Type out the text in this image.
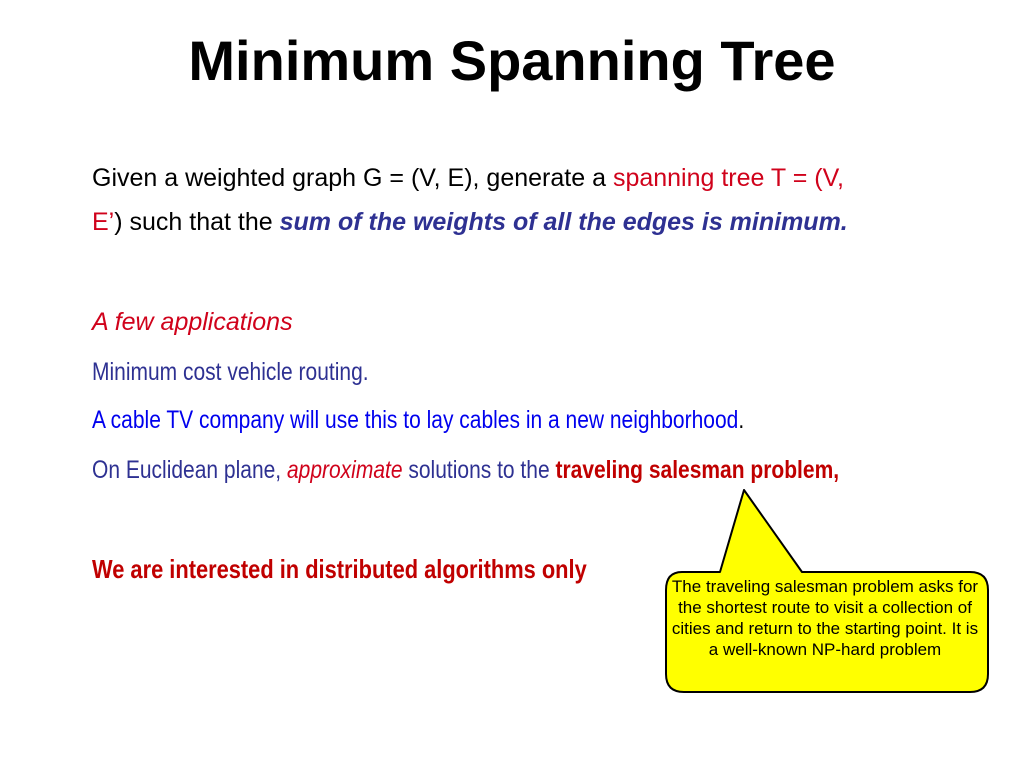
Minimum Spanning Tree

Given a weighted graph G = (V, E), generate a spanning tree T = (V,

E’) such that the sum of the weights of all the edges is minimum.

A few applications

Minimum cost vehicle routing.

A cable TV company will use this to lay cables in a new neighborhood.

On Euclidean plane, approximate solutions to the traveling salesman problem,

We are interested in distributed algorithms only

The traveling salesman problem asks for the shortest route to visit a collection of cities and return to the starting point. It is a well-known NP-hard problem
